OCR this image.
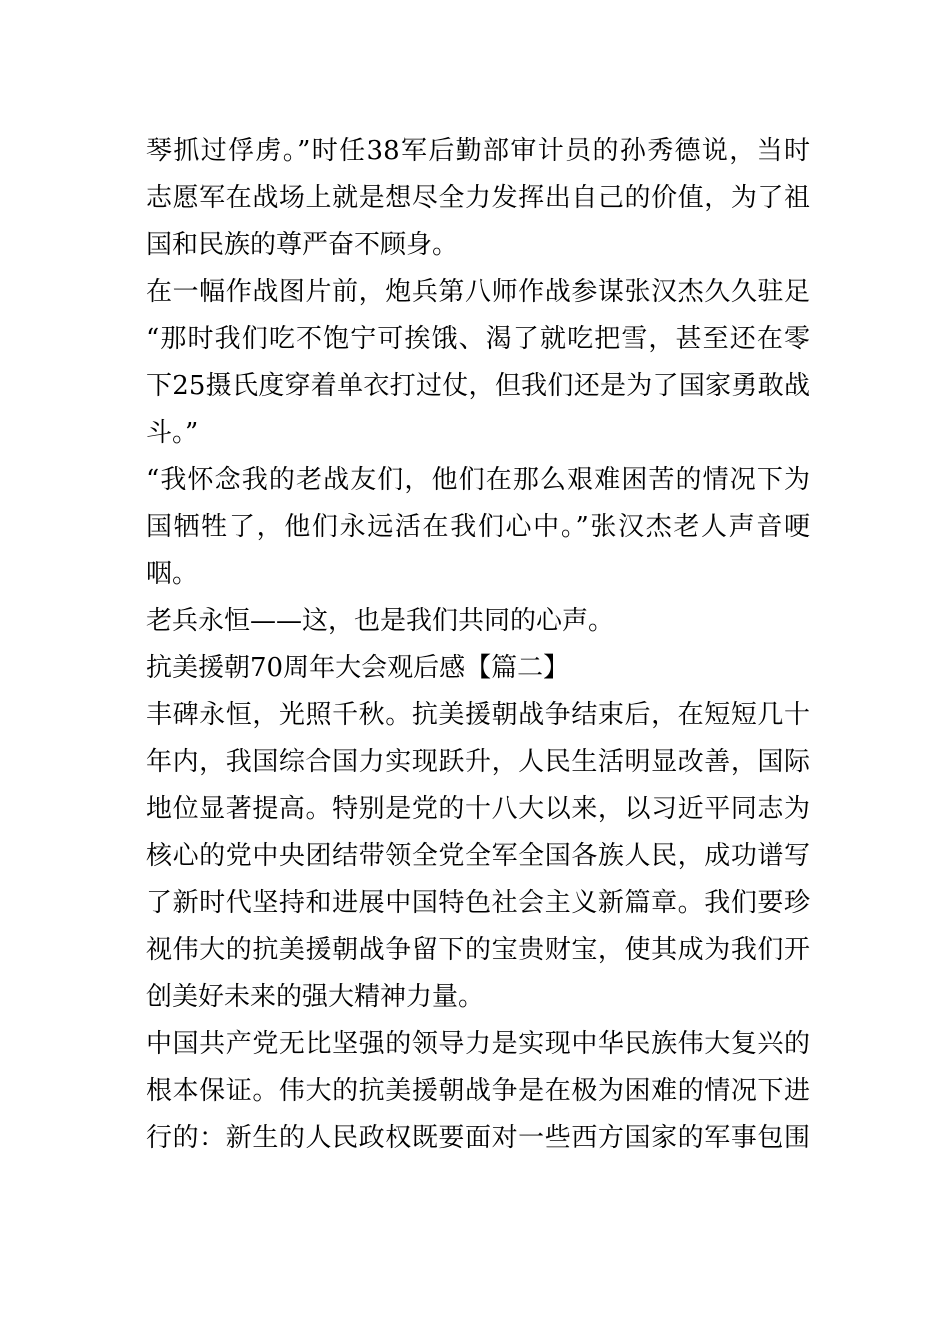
琴抓过俘虏。”时任38军后勤部审计员的孙秀德说，当时
志愿军在战场上就是想尽全力发挥出自己的价值，为了祖
国和民族的尊严奋不顾身。
在一幅作战图片前，炮兵第八师作战参谋张汉杰久久驻足
“那时我们吃不饱宁可挨饿、渴了就吃把雪，甚至还在零
下25摄氏度穿着单衣打过仗，但我们还是为了国家勇敢战
斗。”
“我怀念我的老战友们，他们在那么艰难困苦的情况下为
国牺牲了，他们永远活在我们心中。”张汉杰老人声音哽
咽。
老兵永恒——这，也是我们共同的心声。
抗美援朝70周年大会观后感【篇二】
丰碑永恒，光照千秋。抗美援朝战争结束后，在短短几十
年内，我国综合国力实现跃升，人民生活明显改善，国际
地位显著提高。特别是党的十八大以来，以习近平同志为
核心的党中央团结带领全党全军全国各族人民，成功谱写
了新时代坚持和进展中国特色社会主义新篇章。我们要珍
视伟大的抗美援朝战争留下的宝贵财宝，使其成为我们开
创美好未来的强大精神力量。
中国共产党无比坚强的领导力是实现中华民族伟大复兴的
根本保证。伟大的抗美援朝战争是在极为困难的情况下进
行的：新生的人民政权既要面对一些西方国家的军事包围
